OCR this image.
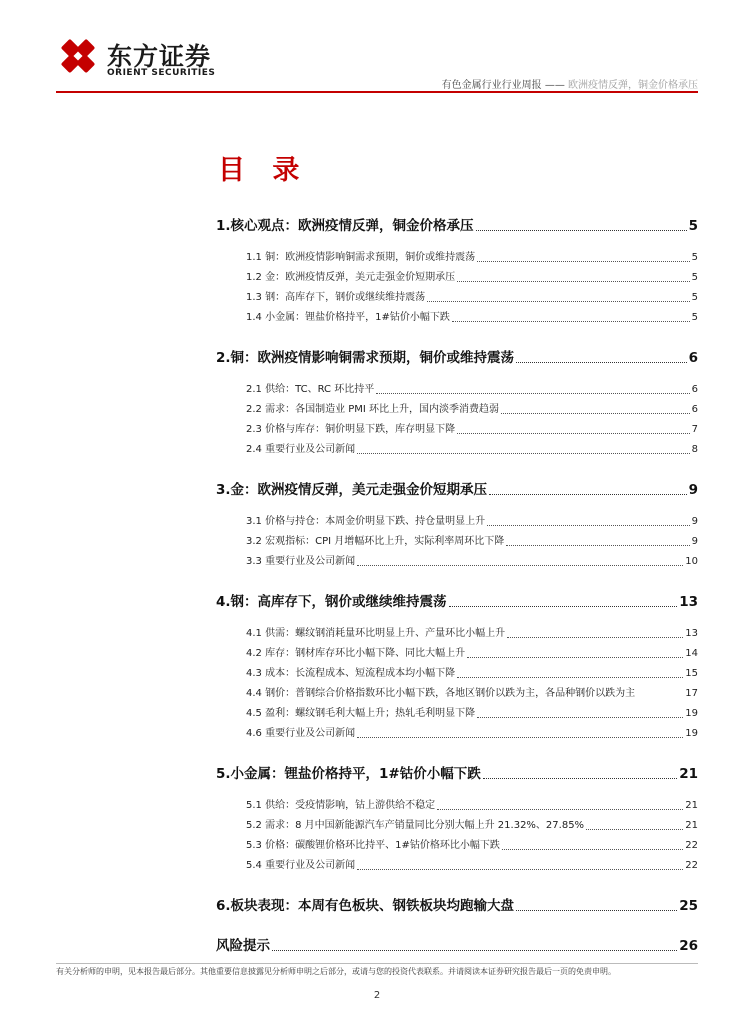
东方证券
ORIENT SECURITIES
有色金属行业行业周报 —— 欧洲疫情反弹，铜金价格承压
目 录
1.核心观点：欧洲疫情反弹，铜金价格承压	5
1.1 铜：欧洲疫情影响铜需求预期，铜价或维持震荡	5
1.2 金：欧洲疫情反弹，美元走强金价短期承压	5
1.3 钢：高库存下，钢价或继续维持震荡	5
1.4 小金属：锂盐价格持平，1#钴价小幅下跌	5
2.铜：欧洲疫情影响铜需求预期，铜价或维持震荡	6
2.1 供给：TC、RC 环比持平	6
2.2 需求：各国制造业 PMI 环比上升，国内淡季消费趋弱	6
2.3 价格与库存：铜价明显下跌，库存明显下降	7
2.4 重要行业及公司新闻	8
3.金：欧洲疫情反弹，美元走强金价短期承压	9
3.1 价格与持仓：本周金价明显下跌、持仓量明显上升	9
3.2 宏观指标：CPI 月增幅环比上升，实际利率周环比下降	9
3.3 重要行业及公司新闻	10
4.钢：高库存下，钢价或继续维持震荡	13
4.1 供需：螺纹钢消耗量环比明显上升、产量环比小幅上升	13
4.2 库存：钢材库存环比小幅下降、同比大幅上升	14
4.3 成本：长流程成本、短流程成本均小幅下降	15
4.4 钢价：普钢综合价格指数环比小幅下跌，各地区钢价以跌为主，各品种钢价以跌为主	17
4.5 盈利：螺纹钢毛利大幅上升；热轧毛利明显下降	19
4.6 重要行业及公司新闻	19
5.小金属：锂盐价格持平，1#钴价小幅下跌	21
5.1 供给：受疫情影响，钴上游供给不稳定	21
5.2 需求：8 月中国新能源汽车产销量同比分别大幅上升 21.32%、27.85%	21
5.3 价格：碳酸锂价格环比持平、1#钴价格环比小幅下跌	22
5.4 重要行业及公司新闻	22
6.板块表现：本周有色板块、钢铁板块均跑输大盘	25
风险提示	26
有关分析师的申明，见本报告最后部分。其他重要信息披露见分析师申明之后部分，或请与您的投资代表联系。并请阅读本证券研究报告最后一页的免责申明。
2
